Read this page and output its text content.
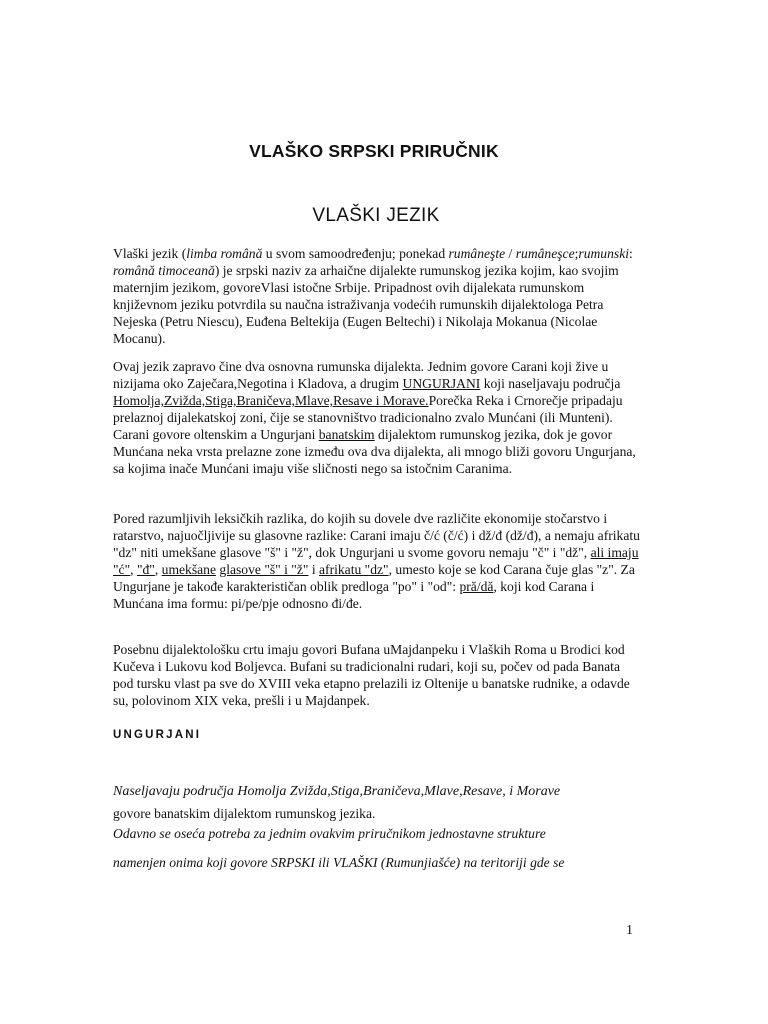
VLAŠKO SRPSKI PRIRUČNIK
VLAŠKI JEZIK

Vlaški jezik (limba română u svom samoodređenju; ponekad rumâneşte / rumâneşce;rumunski: română timoceană) je srpski naziv za arhaične dijalekte rumunskog jezika kojim, kao svojim maternjim jezikom, govoreVlasi istočne Srbije. Pripadnost ovih dijalekata rumunskom književnom jeziku potvrdila su naučna istraživanja vodećih rumunskih dijalektologa Petra Nejeska (Petru Niescu), Euđena Beltekija (Eugen Beltechi) i Nikolaja Mokanua (Nicolae Mocanu).

Ovaj jezik zapravo čine dva osnovna rumunska dijalekta. Jednim govore Carani koji žive u nizijama oko Zaječara,Negotina i Kladova, a drugim UNGURJANI koji naseljavaju područja Homolja,Zvižda,Stiga,Braničeva,Mlave,Resave i Morave.Porečka Reka i Crnorečje pripadaju prelaznoj dijalekatskoj zoni, čije se stanovništvo tradicionalno zvalo Munćani (ili Munteni). Carani govore oltenskim a Ungurjani banatskim dijalektom rumunskog jezika, dok je govor Munćana neka vrsta prelazne zone između ova dva dijalekta, ali mnogo bliži govoru Ungurjana, sa kojima inače Munćani imaju više sličnosti nego sa istočnim Caranima.

Pored razumljivih leksičkih razlika, do kojih su dovele dve različite ekonomije stočarstvo i ratarstvo, najuočljivije su glasovne razlike: Carani imaju č/ć (č/ć) i dž/đ (dž/đ), a nemaju afrikatu "dz" niti umekšane glasove "š" i "ž", dok Ungurjani u svome govoru nemaju "č" i "dž", ali imaju "ć", "đ", umekšane glasove "š" i "ž" i afrikatu "dz", umesto koje se kod Carana čuje glas "z". Za Ungurjane je takođe karakterističan oblik predloga "po" i "od": pră/dă, koji kod Carana i Munćana ima formu: pi/pe/pje odnosno đi/đe.

Posebnu dijalektološku crtu imaju govori Bufana uMajdanpeku i Vlaških Roma u Brodici kod Kučeva i Lukovu kod Boljevca. Bufani su tradicionalni rudari, koji su, počev od pada Banata pod tursku vlast pa sve do XVIII veka etapno prelazili iz Oltenije u banatske rudnike, a odavde su, polovinom XIX veka, prešli i u Majdanpek.

UNGURJANI

Naseljavaju područja Homolja Zviždа,Stiga,Braničeva,Mlave,Resave, i Morave

govore banatskim dijalektom rumunskog jezika.

Odavno se oseća potreba za jednim ovakvim priručnikom jednostavne strukture

namenjen onima koji govore SRPSKI ili VLAŠKI (Rumunjiašće) na teritoriji gde se

1
